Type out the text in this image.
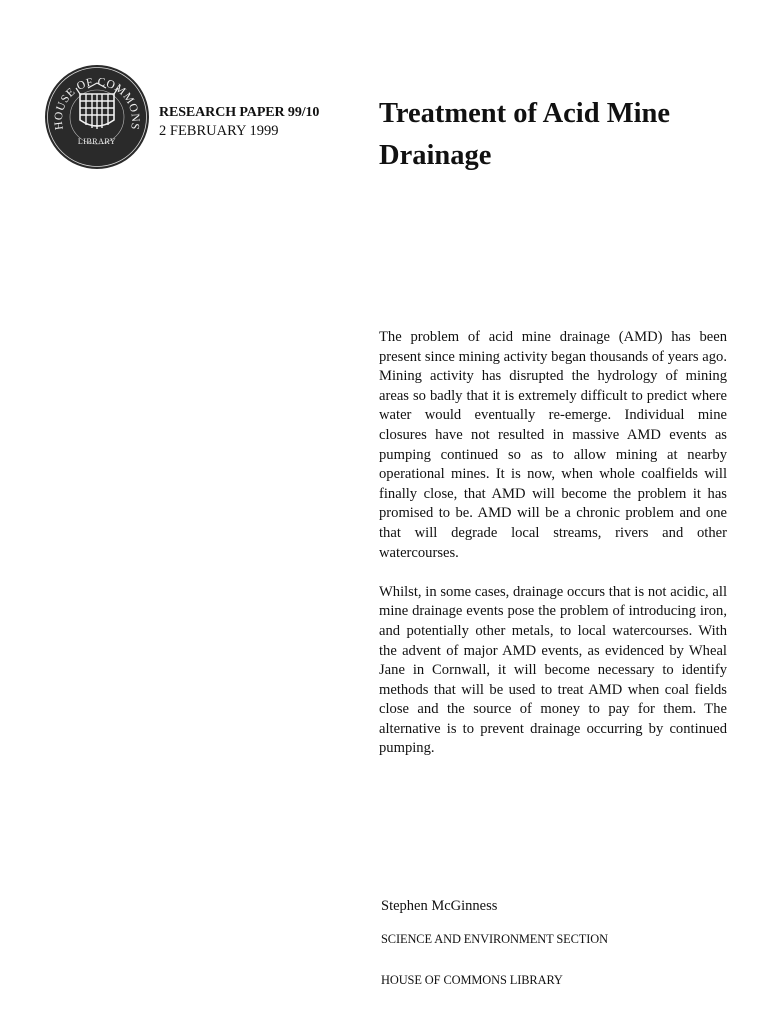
HOUSE OF COMMONS
LIBRARY
RESEARCH PAPER 99/10
2 FEBRUARY 1999
Treatment of Acid Mine Drainage

The problem of acid mine drainage (AMD) has been present since mining activity began thousands of years ago. Mining activity has disrupted the hydrology of mining areas so badly that it is extremely difficult to predict where water would eventually re-emerge. Individual mine closures have not resulted in massive AMD events as pumping continued so as to allow mining at nearby operational mines. It is now, when whole coalfields will finally close, that AMD will become the problem it has promised to be. AMD will be a chronic problem and one that will degrade local streams, rivers and other watercourses.

Whilst, in some cases, drainage occurs that is not acidic, all mine drainage events pose the problem of introducing iron, and potentially other metals, to local watercourses. With the advent of major AMD events, as evidenced by Wheal Jane in Cornwall, it will become necessary to identify methods that will be used to treat AMD when coal fields close and the source of money to pay for them. The alternative is to prevent drainage occurring by continued pumping.

Stephen McGinness
SCIENCE AND ENVIRONMENT SECTION
HOUSE OF COMMONS LIBRARY
